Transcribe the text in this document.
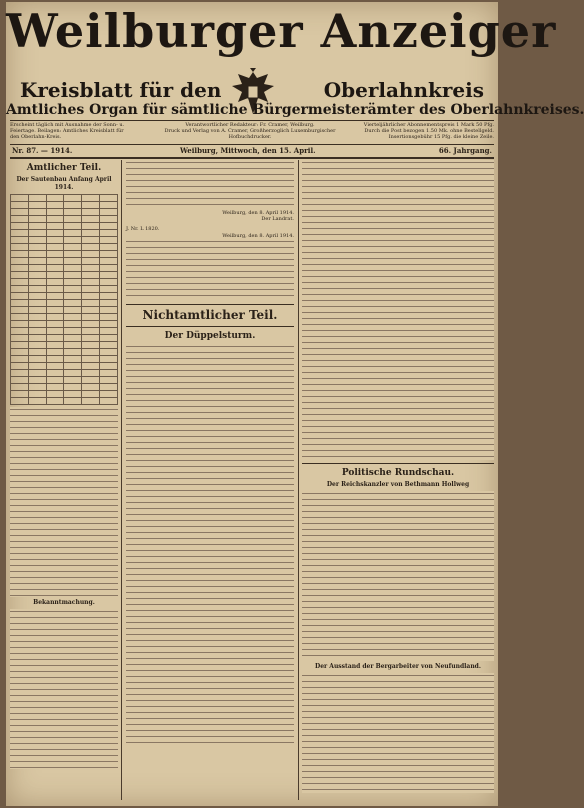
Weilburger Anzeiger
Kreisblatt für den	Oberlahnkreis
Amtliches Organ für sämtliche Bürgermeisterämter des Oberlahnkreises.
Erscheint täglich mit Ausnahme der Sonn- u. Feiertage. Beilagen: Amtliches Kreisblatt für den Oberlahn-Kreis.
Verantwortlicher Redakteur: Fr. Cramer, Weilburg.
Druck und Verlag von A. Cramer, Großherzoglich Luxemburgischer Hofbuchdrucker.
Vierteljährlicher Abonnementspreis 1 Mark 50 Pfg. Durch die Post bezogen 1.50 Mk. ohne Bestellgeld. Insertionsgebühr 15 Pfg. die kleine Zeile.
Nr. 87. — 1914.	Weilburg, Mittwoch, den 15. April.	66. Jahrgang.
Amtlicher Teil.
Der Sautenbau Anfang April 1914.

Bekanntmachung.
Weilburg, den 8. April 1914.
Der Landrat.
J. Nr. L 1820.
Weilburg, den 8. April 1914.
Nichtamtlicher Teil.
Der Düppelsturm.
Politische Rundschau.
Der Reichskanzler von Bethmann Hollweg
Der Ausstand der Bergarbeiter von Neufundland.
